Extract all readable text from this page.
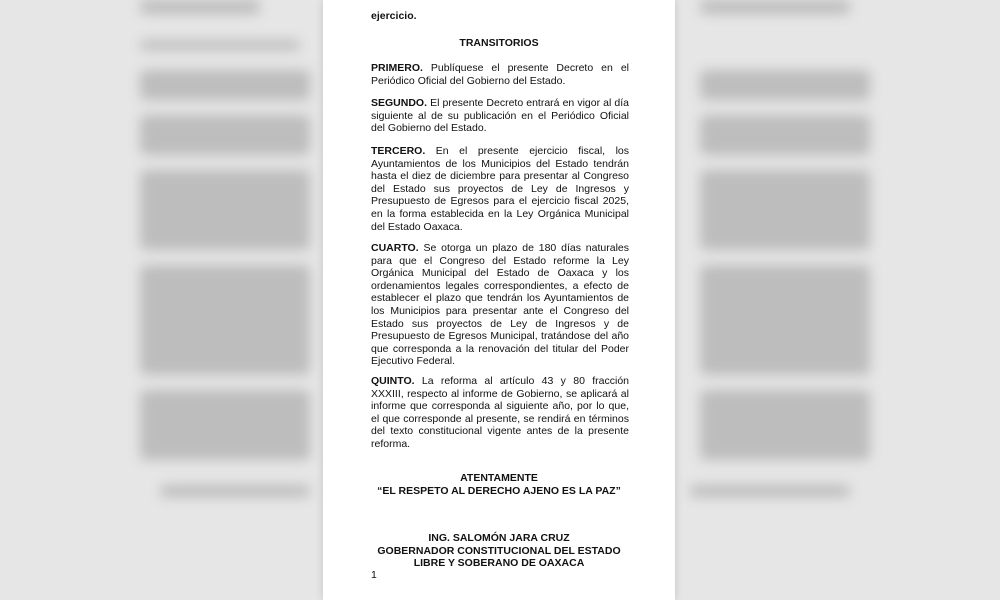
ejercicio.
TRANSITORIOS
PRIMERO. Publíquese el presente Decreto en el Periódico Oficial del Gobierno del Estado.
SEGUNDO. El presente Decreto entrará en vigor al día siguiente al de su publicación en el Periódico Oficial del Gobierno del Estado.
TERCERO. En el presente ejercicio fiscal, los Ayuntamientos de los Municipios del Estado tendrán hasta el diez de diciembre para presentar al Congreso del Estado sus proyectos de Ley de Ingresos y Presupuesto de Egresos para el ejercicio fiscal 2025, en la forma establecida en la Ley Orgánica Municipal del Estado Oaxaca.
CUARTO. Se otorga un plazo de 180 días naturales para que el Congreso del Estado reforme la Ley Orgánica Municipal del Estado de Oaxaca y los ordenamientos legales correspondientes, a efecto de establecer el plazo que tendrán los Ayuntamientos de los Municipios para presentar ante el Congreso del Estado sus proyectos de Ley de Ingresos y de Presupuesto de Egresos Municipal, tratándose del año que corresponda a la renovación del titular del Poder Ejecutivo Federal.
QUINTO. La reforma al artículo 43 y 80 fracción XXXIII, respecto al informe de Gobierno, se aplicará al informe que corresponda al siguiente año, por lo que, el que corresponde al presente, se rendirá en términos del texto constitucional vigente antes de la presente reforma.
ATENTAMENTE
“EL RESPETO AL DERECHO AJENO ES LA PAZ”
ING. SALOMÓN JARA CRUZ
GOBERNADOR CONSTITUCIONAL DEL ESTADO
LIBRE Y SOBERANO DE OAXACA
1
